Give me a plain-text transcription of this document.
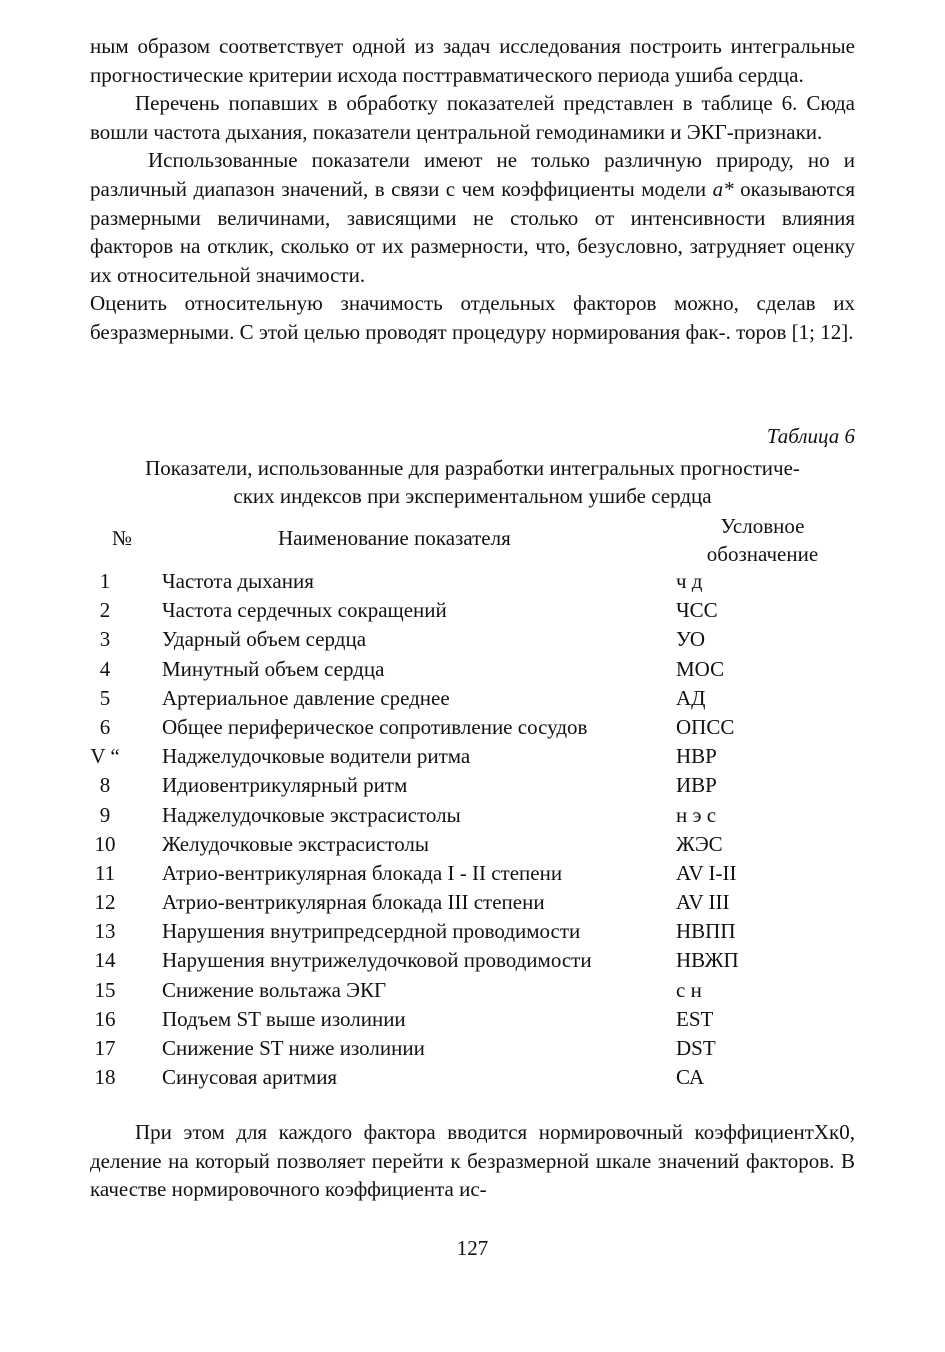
ным образом соответствует одной из задач исследования построить интегральные прогностические критерии исхода посттравматического периода ушиба сердца.

Перечень попавших в обработку показателей представлен в таблице 6. Сюда вошли частота дыхания, показатели центральной гемодинамики и ЭКГ-признаки.

Использованные показатели имеют не только различную природу, но и различный диапазон значений, в связи с чем коэффициенты модели a* оказываются размерными величинами, зависящими не столько от интенсивности влияния факторов на отклик, сколько от их размерности, что, безусловно, затрудняет оценку их относительной значимости.

Оценить относительную значимость отдельных факторов можно, сделав их безразмерными. С этой целью проводят процедуру нормирования фак-. торов [1; 12].

Таблица 6
Показатели, использованные для разработки интегральных прогностиче-
ских индексов при экспериментальном ушибе сердца
№	Наименование показателя	Условное
обозначение
1	Частота дыхания	ч д
2	Частота сердечных сокращений	ЧСС
3	Ударный объем сердца	УО
4	Минутный объем сердца	МОС
5	Артериальное давление среднее	АД
6	Общее периферическое сопротивление сосудов	ОПСС
V “	Наджелудочковые водители ритма	НВР
8	Идиовентрикулярный ритм	ИВР
9	Наджелудочковые экстрасистолы	н э с
10	Желудочковые экстрасистолы	ЖЭС
11	Атрио-вентрикулярная блокада I - II степени	AV I-II
12	Атрио-вентрикулярная блокада III степени	AV III
13	Нарушения внутрипредсердной проводимости	НВПП
14	Нарушения внутрижелудочковой проводимости	НВЖП
15	Снижение вольтажа ЭКГ	с н
16	Подъем ST выше изолинии	EST
17	Снижение ST ниже изолинии	DST
18	Синусовая аритмия	СА

При этом для каждого фактора вводится нормировочный коэффициентХк0, деление на который позволяет перейти к безразмерной шкале значений факторов. В качестве нормировочного коэффициента ис-

127
